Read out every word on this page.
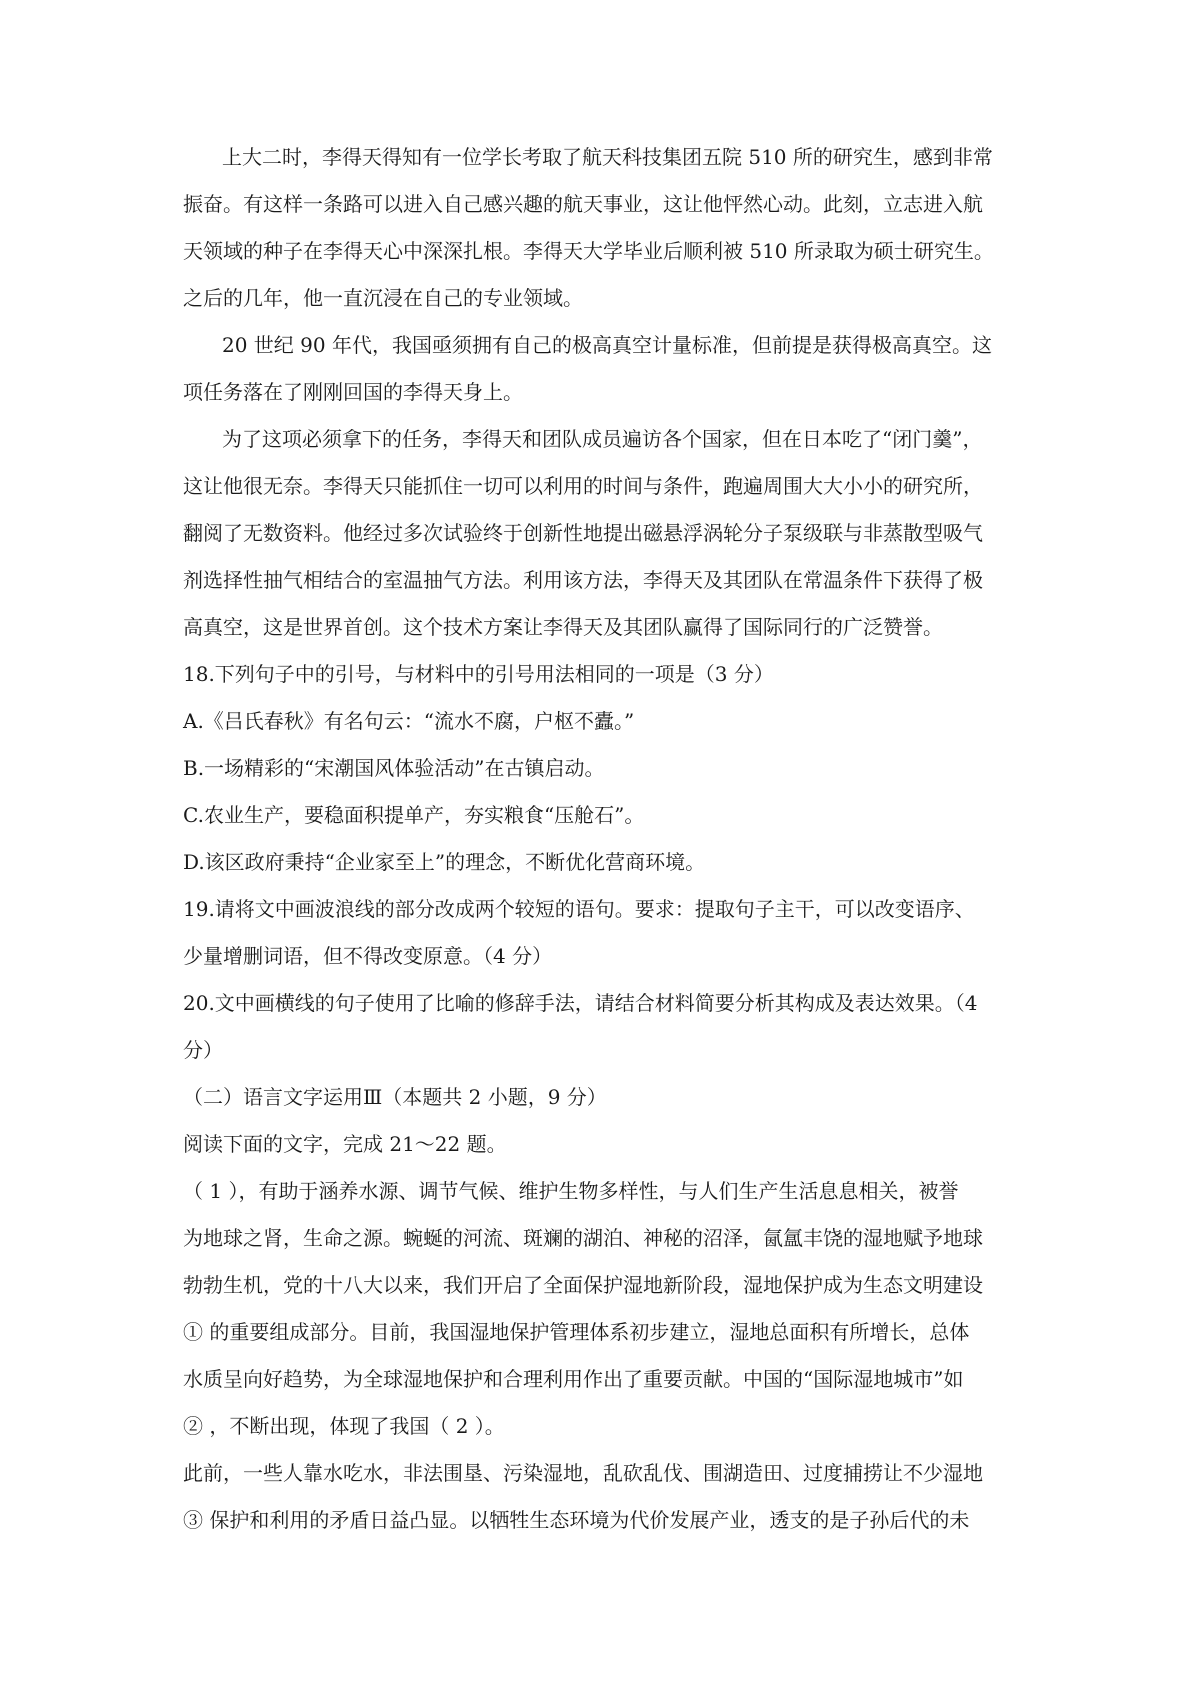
上大二时，李得天得知有一位学长考取了航天科技集团五院 510 所的研究生，感到非常
振奋。有这样一条路可以进入自己感兴趣的航天事业，这让他怦然心动。此刻，立志进入航
天领域的种子在李得天心中深深扎根。李得天大学毕业后顺利被 510 所录取为硕士研究生。
之后的几年，他一直沉浸在自己的专业领域。
20 世纪 90 年代，我国亟须拥有自己的极高真空计量标准，但前提是获得极高真空。这
项任务落在了刚刚回国的李得天身上。
为了这项必须拿下的任务，李得天和团队成员遍访各个国家，但在日本吃了“闭门羹”，
这让他很无奈。李得天只能抓住一切可以利用的时间与条件，跑遍周围大大小小的研究所，
翻阅了无数资料。他经过多次试验终于创新性地提出磁悬浮涡轮分子泵级联与非蒸散型吸气
剂选择性抽气相结合的室温抽气方法。利用该方法，李得天及其团队在常温条件下获得了极
高真空，这是世界首创。这个技术方案让李得天及其团队赢得了国际同行的广泛赞誉。
18.下列句子中的引号，与材料中的引号用法相同的一项是（3 分）
A.《吕氏春秋》有名句云：“流水不腐，户枢不蠹。”
B.一场精彩的“宋潮国风体验活动”在古镇启动。
C.农业生产，要稳面积提单产，夯实粮食“压舱石”。
D.该区政府秉持“企业家至上”的理念，不断优化营商环境。
19.请将文中画波浪线的部分改成两个较短的语句。要求：提取句子主干，可以改变语序、
少量增删词语，但不得改变原意。（4 分）
20.文中画横线的句子使用了比喻的修辞手法，请结合材料简要分析其构成及表达效果。（4
分）
（二）语言文字运用Ⅲ（本题共 2 小题，9 分）
阅读下面的文字，完成 21～22 题。
（ 1 ），有助于涵养水源、调节气候、维护生物多样性，与人们生产生活息息相关，被誉
为地球之肾，生命之源。蜿蜒的河流、斑斓的湖泊、神秘的沼泽，氤氲丰饶的湿地赋予地球
勃勃生机，党的十八大以来，我们开启了全面保护湿地新阶段，湿地保护成为生态文明建设
① 的重要组成部分。目前，我国湿地保护管理体系初步建立，湿地总面积有所增长，总体
水质呈向好趋势，为全球湿地保护和合理利用作出了重要贡献。中国的“国际湿地城市”如
② ，不断出现，体现了我国（ 2 ）。
此前，一些人靠水吃水，非法围垦、污染湿地，乱砍乱伐、围湖造田、过度捕捞让不少湿地
③ 保护和利用的矛盾日益凸显。以牺牲生态环境为代价发展产业，透支的是子孙后代的未
